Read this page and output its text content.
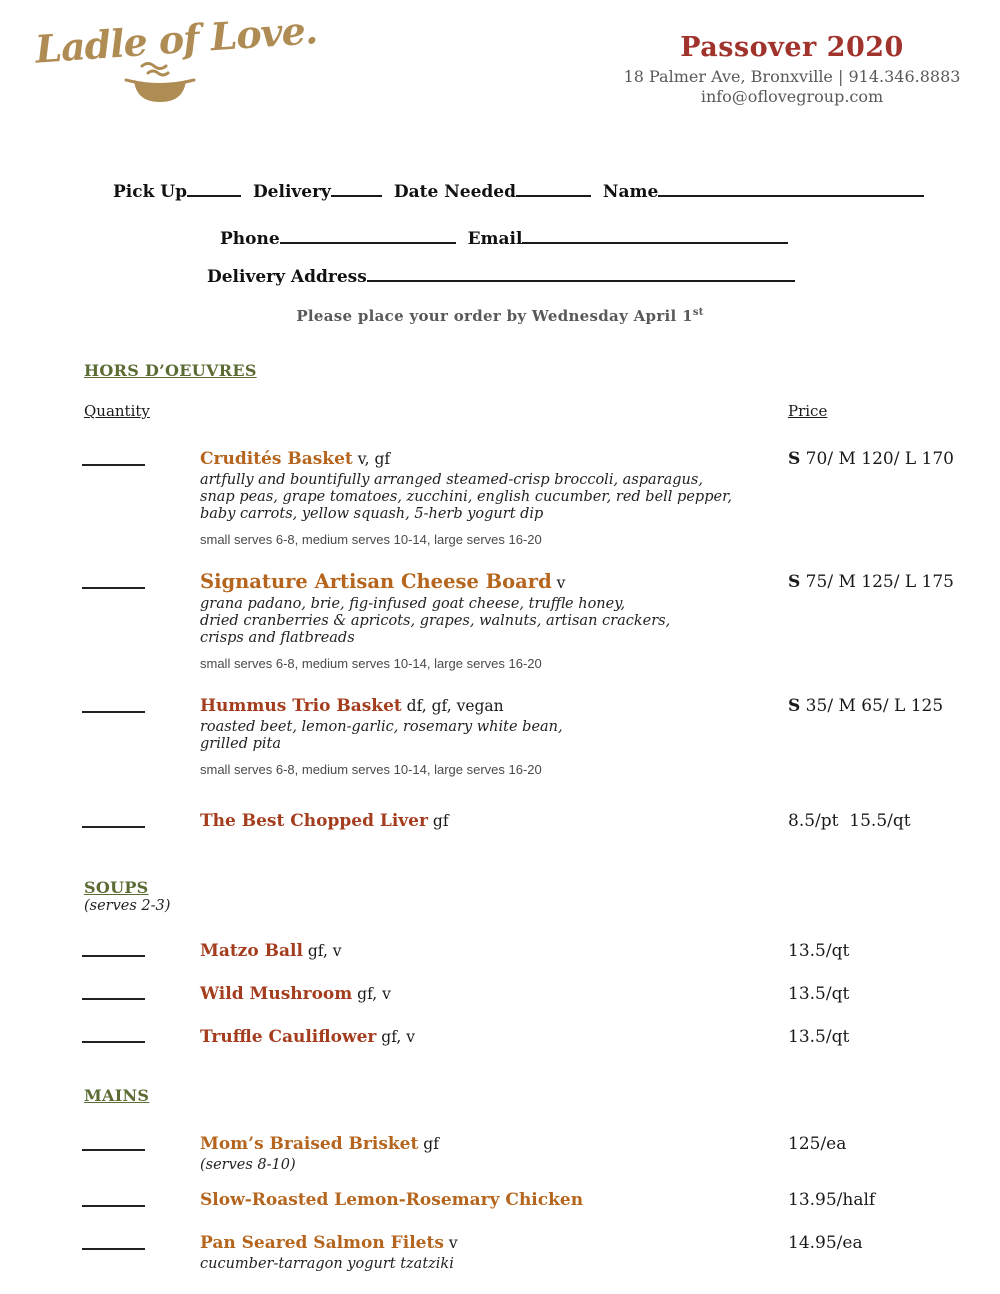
Ladle of Love.	Passover 2020
18 Palmer Ave, Bronxville | 914.346.8883
info@oflovegroup.com
Pick Up	Delivery	Date Needed	Name
Phone	Email
Delivery Address
Please place your order by Wednesday April 1st
HORS D’OEUVRES
Quantity	Price
Crudités Basket v, gf
artfully and bountifully arranged steamed-crisp broccoli, asparagus,
snap peas, grape tomatoes, zucchini, english cucumber, red bell pepper,
baby carrots, yellow squash, 5-herb yogurt dip
small serves 6-8, medium serves 10-14, large serves 16-20
S 70/ M 120/ L 170
Signature Artisan Cheese Board v
grana padano, brie, fig-infused goat cheese, truffle honey,
dried cranberries & apricots, grapes, walnuts, artisan crackers,
crisps and flatbreads
small serves 6-8, medium serves 10-14, large serves 16-20
S 75/ M 125/ L 175
Hummus Trio Basket df, gf, vegan
roasted beet, lemon-garlic, rosemary white bean,
grilled pita
small serves 6-8, medium serves 10-14, large serves 16-20
S 35/ M 65/ L 125
The Best Chopped Liver gf	8.5/pt  15.5/qt
SOUPS
(serves 2-3)
Matzo Ball gf, v	13.5/qt
Wild Mushroom gf, v	13.5/qt
Truffle Cauliflower gf, v	13.5/qt
MAINS
Mom’s Braised Brisket gf
(serves 8-10)
125/ea
Slow-Roasted Lemon-Rosemary Chicken	13.95/half
Pan Seared Salmon Filets v
cucumber-tarragon yogurt tzatziki
14.95/ea
